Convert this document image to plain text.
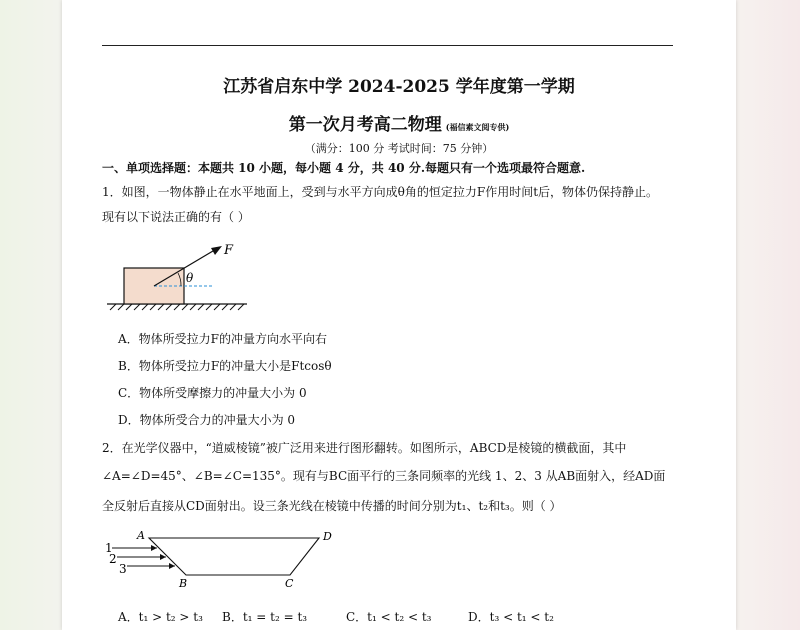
江苏省启东中学 2024-2025 学年度第一学期
第一次月考高二物理 (福信素文阅专供)
（满分：100 分 考试时间：75 分钟）
一、单项选择题：本题共 10 小题，每小题 4 分，共 40 分.每题只有一个选项最符合题意.
1．如图，一物体静止在水平地面上，受到与水平方向成θ角的恒定拉力F作用时间t后，物体仍保持静止。
现有以下说法正确的有（ ）
F
θ
A．物体所受拉力F的冲量方向水平向右
B．物体所受拉力F的冲量大小是Ftcosθ
C．物体所受摩擦力的冲量大小为 0
D．物体所受合力的冲量大小为 0
2．在光学仪器中，“道威棱镜”被广泛用来进行图形翻转。如图所示，ABCD是棱镜的横截面，其中
∠A=∠D=45°、∠B=∠C=135°。现有与BC面平行的三条同频率的光线 1、2、3 从AB面射入，经AD面
全反射后直接从CD面射出。设三条光线在棱镜中传播的时间分别为t₁、t₂和t₃。则（ ）
1
2
3
A
B	C
D
A．t₁ > t₂ > t₃ B．t₁ = t₂ = t₃	C．t₁ < t₂ < t₃	D．t₃ < t₁ < t₂
